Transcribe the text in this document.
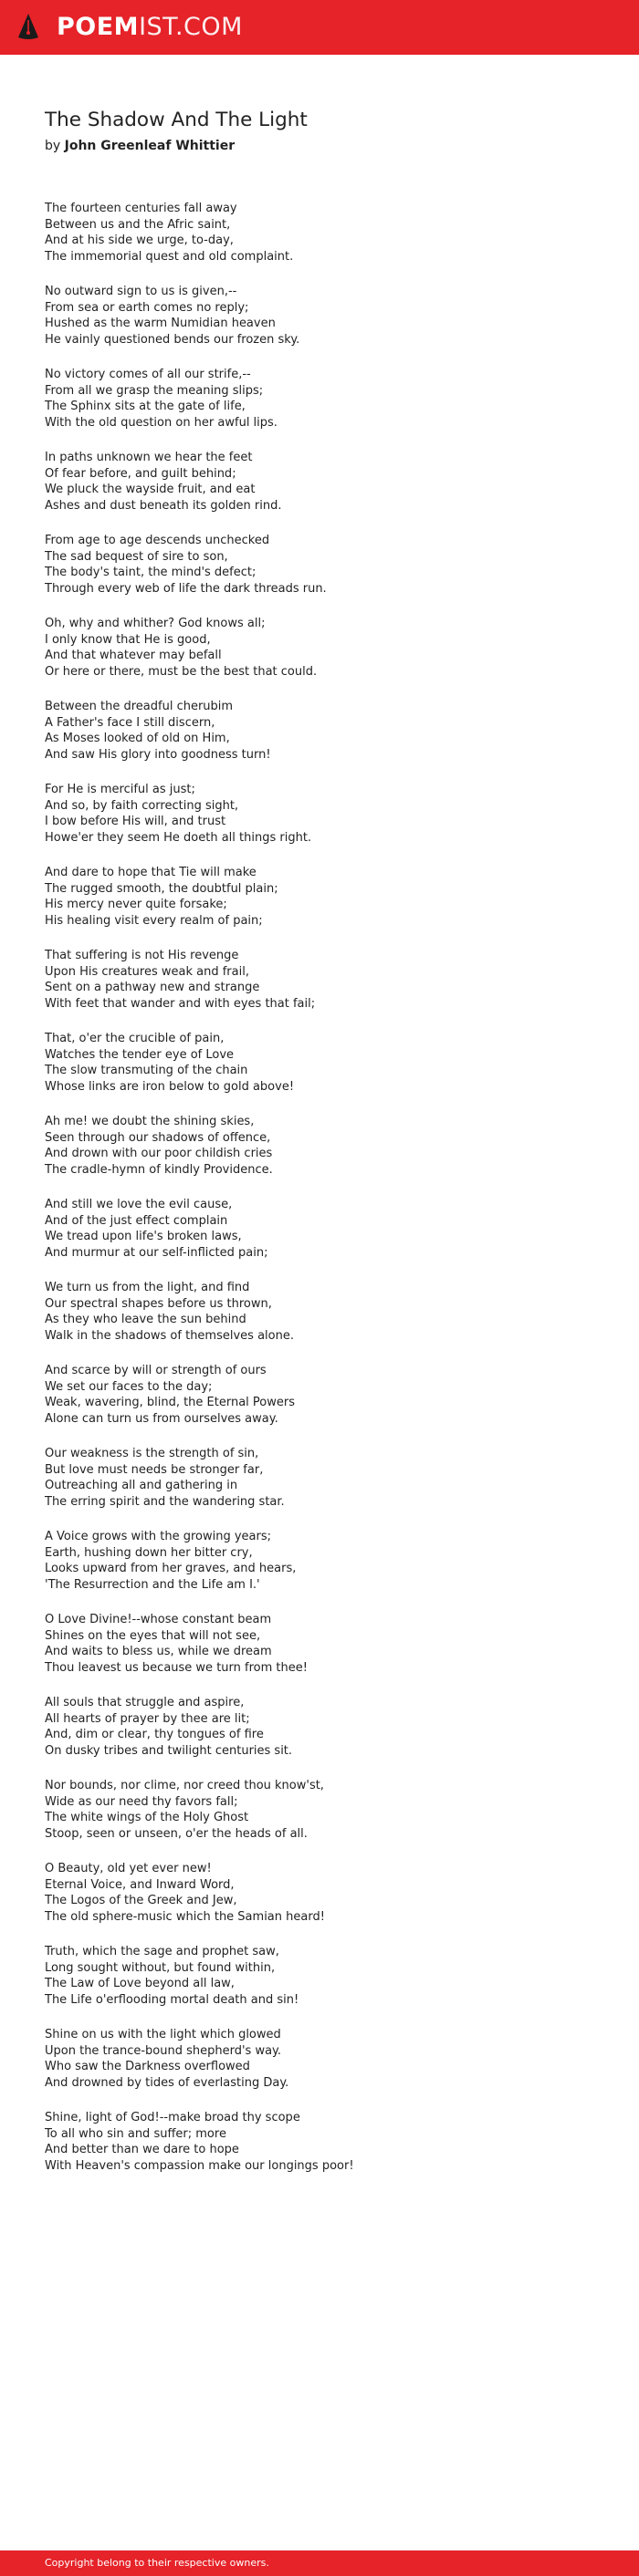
POEMIST.COM
The Shadow And The Light
by John Greenleaf Whittier
The fourteen centuries fall away
Between us and the Afric saint,
And at his side we urge, to-day,
The immemorial quest and old complaint.
No outward sign to us is given,--
From sea or earth comes no reply;
Hushed as the warm Numidian heaven
He vainly questioned bends our frozen sky.
No victory comes of all our strife,--
From all we grasp the meaning slips;
The Sphinx sits at the gate of life,
With the old question on her awful lips.
In paths unknown we hear the feet
Of fear before, and guilt behind;
We pluck the wayside fruit, and eat
Ashes and dust beneath its golden rind.
From age to age descends unchecked
The sad bequest of sire to son,
The body's taint, the mind's defect;
Through every web of life the dark threads run.
Oh, why and whither? God knows all;
I only know that He is good,
And that whatever may befall
Or here or there, must be the best that could.
Between the dreadful cherubim
A Father's face I still discern,
As Moses looked of old on Him,
And saw His glory into goodness turn!
For He is merciful as just;
And so, by faith correcting sight,
I bow before His will, and trust
Howe'er they seem He doeth all things right.
And dare to hope that Tie will make
The rugged smooth, the doubtful plain;
His mercy never quite forsake;
His healing visit every realm of pain;
That suffering is not His revenge
Upon His creatures weak and frail,
Sent on a pathway new and strange
With feet that wander and with eyes that fail;
That, o'er the crucible of pain,
Watches the tender eye of Love
The slow transmuting of the chain
Whose links are iron below to gold above!
Ah me! we doubt the shining skies,
Seen through our shadows of offence,
And drown with our poor childish cries
The cradle-hymn of kindly Providence.
And still we love the evil cause,
And of the just effect complain
We tread upon life's broken laws,
And murmur at our self-inflicted pain;
We turn us from the light, and find
Our spectral shapes before us thrown,
As they who leave the sun behind
Walk in the shadows of themselves alone.
And scarce by will or strength of ours
We set our faces to the day;
Weak, wavering, blind, the Eternal Powers
Alone can turn us from ourselves away.
Our weakness is the strength of sin,
But love must needs be stronger far,
Outreaching all and gathering in
The erring spirit and the wandering star.
A Voice grows with the growing years;
Earth, hushing down her bitter cry,
Looks upward from her graves, and hears,
'The Resurrection and the Life am I.'
O Love Divine!--whose constant beam
Shines on the eyes that will not see,
And waits to bless us, while we dream
Thou leavest us because we turn from thee!
All souls that struggle and aspire,
All hearts of prayer by thee are lit;
And, dim or clear, thy tongues of fire
On dusky tribes and twilight centuries sit.
Nor bounds, nor clime, nor creed thou know'st,
Wide as our need thy favors fall;
The white wings of the Holy Ghost
Stoop, seen or unseen, o'er the heads of all.
O Beauty, old yet ever new!
Eternal Voice, and Inward Word,
The Logos of the Greek and Jew,
The old sphere-music which the Samian heard!
Truth, which the sage and prophet saw,
Long sought without, but found within,
The Law of Love beyond all law,
The Life o'erflooding mortal death and sin!
Shine on us with the light which glowed
Upon the trance-bound shepherd's way.
Who saw the Darkness overflowed
And drowned by tides of everlasting Day.
Shine, light of God!--make broad thy scope
To all who sin and suffer; more
And better than we dare to hope
With Heaven's compassion make our longings poor!
Copyright belong to their respective owners.
